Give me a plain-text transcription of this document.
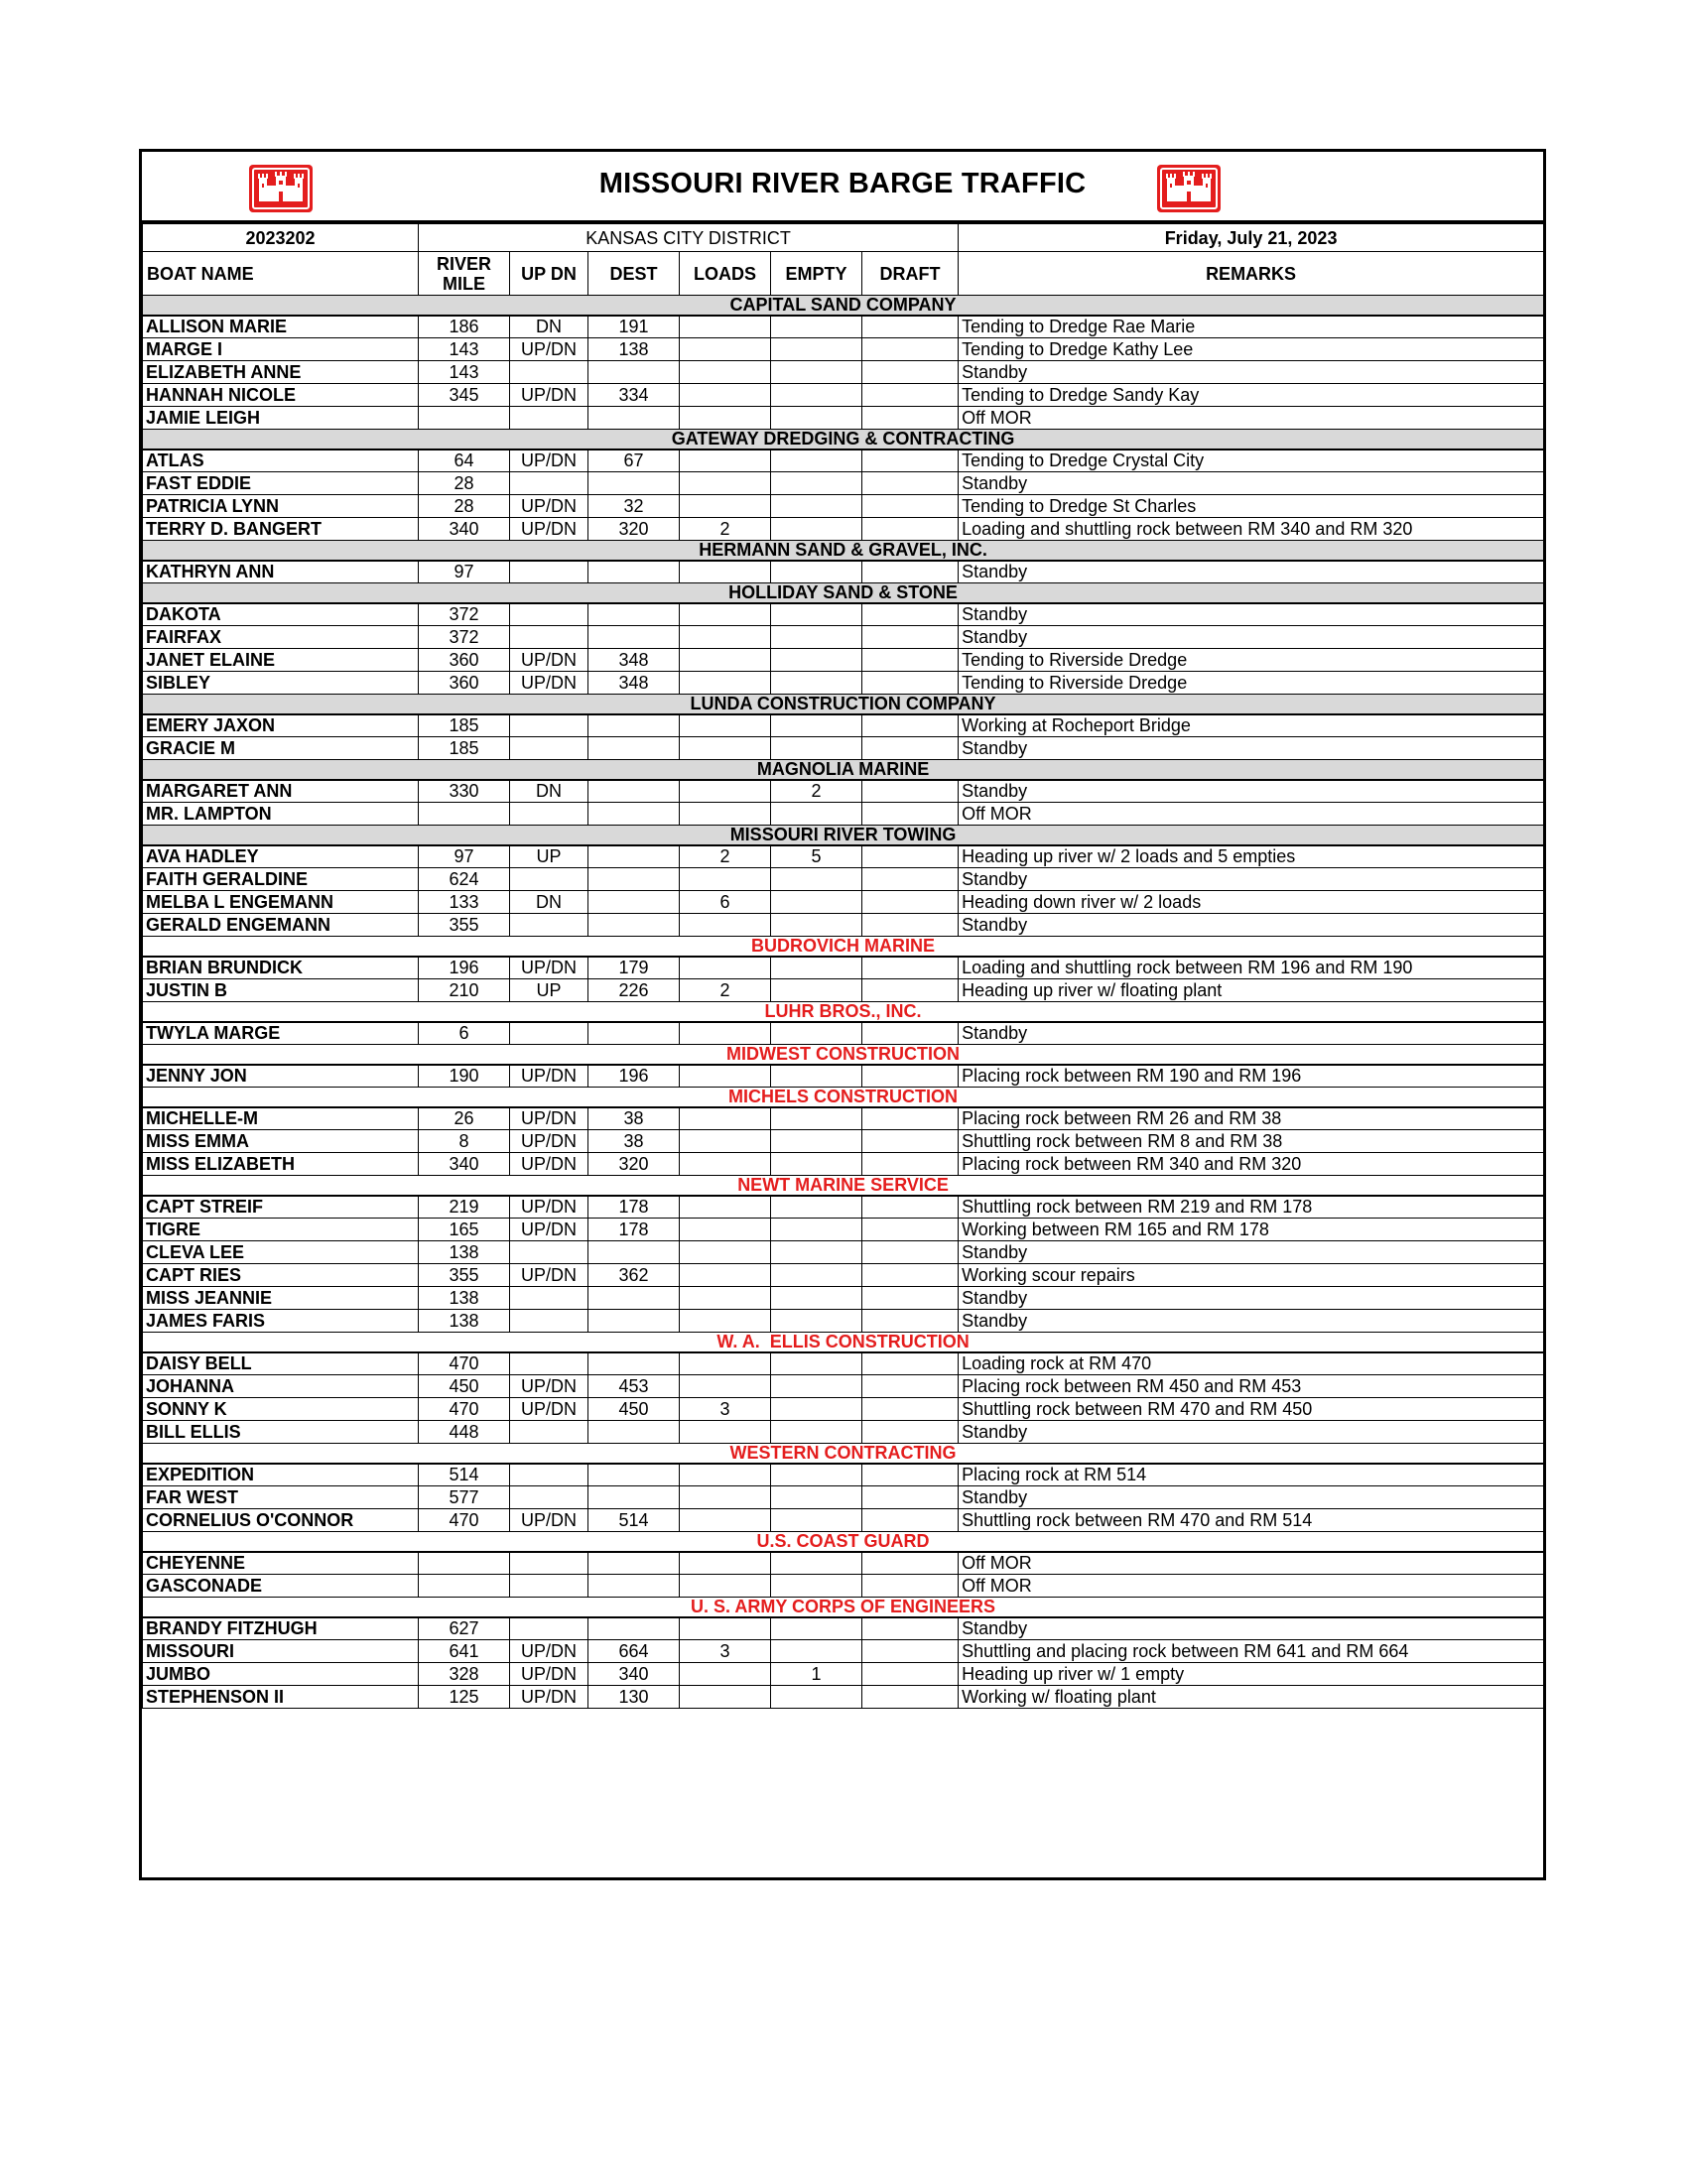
MISSOURI RIVER BARGE TRAFFIC
2023202	KANSAS CITY DISTRICT						Friday, July 21, 2023
BOAT NAME	RIVER MILE	UP DN	DEST	LOADS	EMPTY	DRAFT	REMARKS
CAPITAL SAND COMPANY							
ALLISON MARIE	186	DN	191				Tending to Dredge Rae Marie
MARGE I	143	UP/DN	138				Tending to Dredge Kathy Lee
ELIZABETH ANNE	143						Standby
HANNAH NICOLE	345	UP/DN	334				Tending to Dredge Sandy Kay
JAMIE LEIGH							Off MOR
GATEWAY DREDGING & CONTRACTING							
ATLAS	64	UP/DN	67				Tending to Dredge Crystal City
FAST EDDIE	28						Standby
PATRICIA LYNN	28	UP/DN	32				Tending to Dredge St Charles
TERRY D. BANGERT	340	UP/DN	320	2			Loading and shuttling rock between RM 340 and RM 320
HERMANN SAND & GRAVEL, INC.							
KATHRYN ANN	97						Standby
HOLLIDAY SAND & STONE							
DAKOTA	372						Standby
FAIRFAX	372						Standby
JANET ELAINE	360	UP/DN	348				Tending to Riverside Dredge
SIBLEY	360	UP/DN	348				Tending to Riverside Dredge
LUNDA CONSTRUCTION COMPANY							
EMERY JAXON	185						Working at Rocheport Bridge
GRACIE M	185						Standby
MAGNOLIA MARINE							
MARGARET ANN	330	DN			2		Standby
MR. LAMPTON							Off MOR
MISSOURI RIVER TOWING							
AVA HADLEY	97	UP		2	5		Heading up river w/ 2 loads and 5 empties
FAITH GERALDINE	624						Standby
MELBA L ENGEMANN	133	DN		6			Heading down river w/ 2 loads
GERALD ENGEMANN	355						Standby
BUDROVICH MARINE							
BRIAN BRUNDICK	196	UP/DN	179				Loading and shuttling rock between RM 196 and RM 190
JUSTIN B	210	UP	226	2			Heading up river w/ floating plant
LUHR BROS., INC.							
TWYLA MARGE	6						Standby
MIDWEST CONSTRUCTION							
JENNY JON	190	UP/DN	196				Placing rock between RM 190 and RM 196
MICHELS CONSTRUCTION							
MICHELLE-M	26	UP/DN	38				Placing rock between RM 26 and RM 38
MISS EMMA	8	UP/DN	38				Shuttling rock between RM 8 and RM 38
MISS ELIZABETH	340	UP/DN	320				Placing rock between RM 340 and RM 320
NEWT MARINE SERVICE							
CAPT STREIF	219	UP/DN	178				Shuttling rock between RM 219 and RM 178
TIGRE	165	UP/DN	178				Working between RM 165 and RM 178
CLEVA LEE	138						Standby
CAPT RIES	355	UP/DN	362				Working scour repairs
MISS JEANNIE	138						Standby
JAMES FARIS	138						Standby
W. A.  ELLIS CONSTRUCTION							
DAISY BELL	470						Loading rock at RM 470
JOHANNA	450	UP/DN	453				Placing rock between RM 450 and RM 453
SONNY K	470	UP/DN	450	3			Shuttling rock between RM 470 and RM 450
BILL ELLIS	448						Standby
WESTERN CONTRACTING							
EXPEDITION	514						Placing rock at RM 514
FAR WEST	577						Standby
CORNELIUS O'CONNOR	470	UP/DN	514				Shuttling rock between RM 470 and RM 514
U.S. COAST GUARD							
CHEYENNE							Off MOR
GASCONADE							Off MOR
U. S. ARMY CORPS OF ENGINEERS							
BRANDY FITZHUGH	627						Standby
MISSOURI	641	UP/DN	664	3			Shuttling and placing rock between RM 641 and RM 664
JUMBO	328	UP/DN	340		1		Heading up river w/ 1 empty
STEPHENSON II	125	UP/DN	130				Working w/ floating plant
